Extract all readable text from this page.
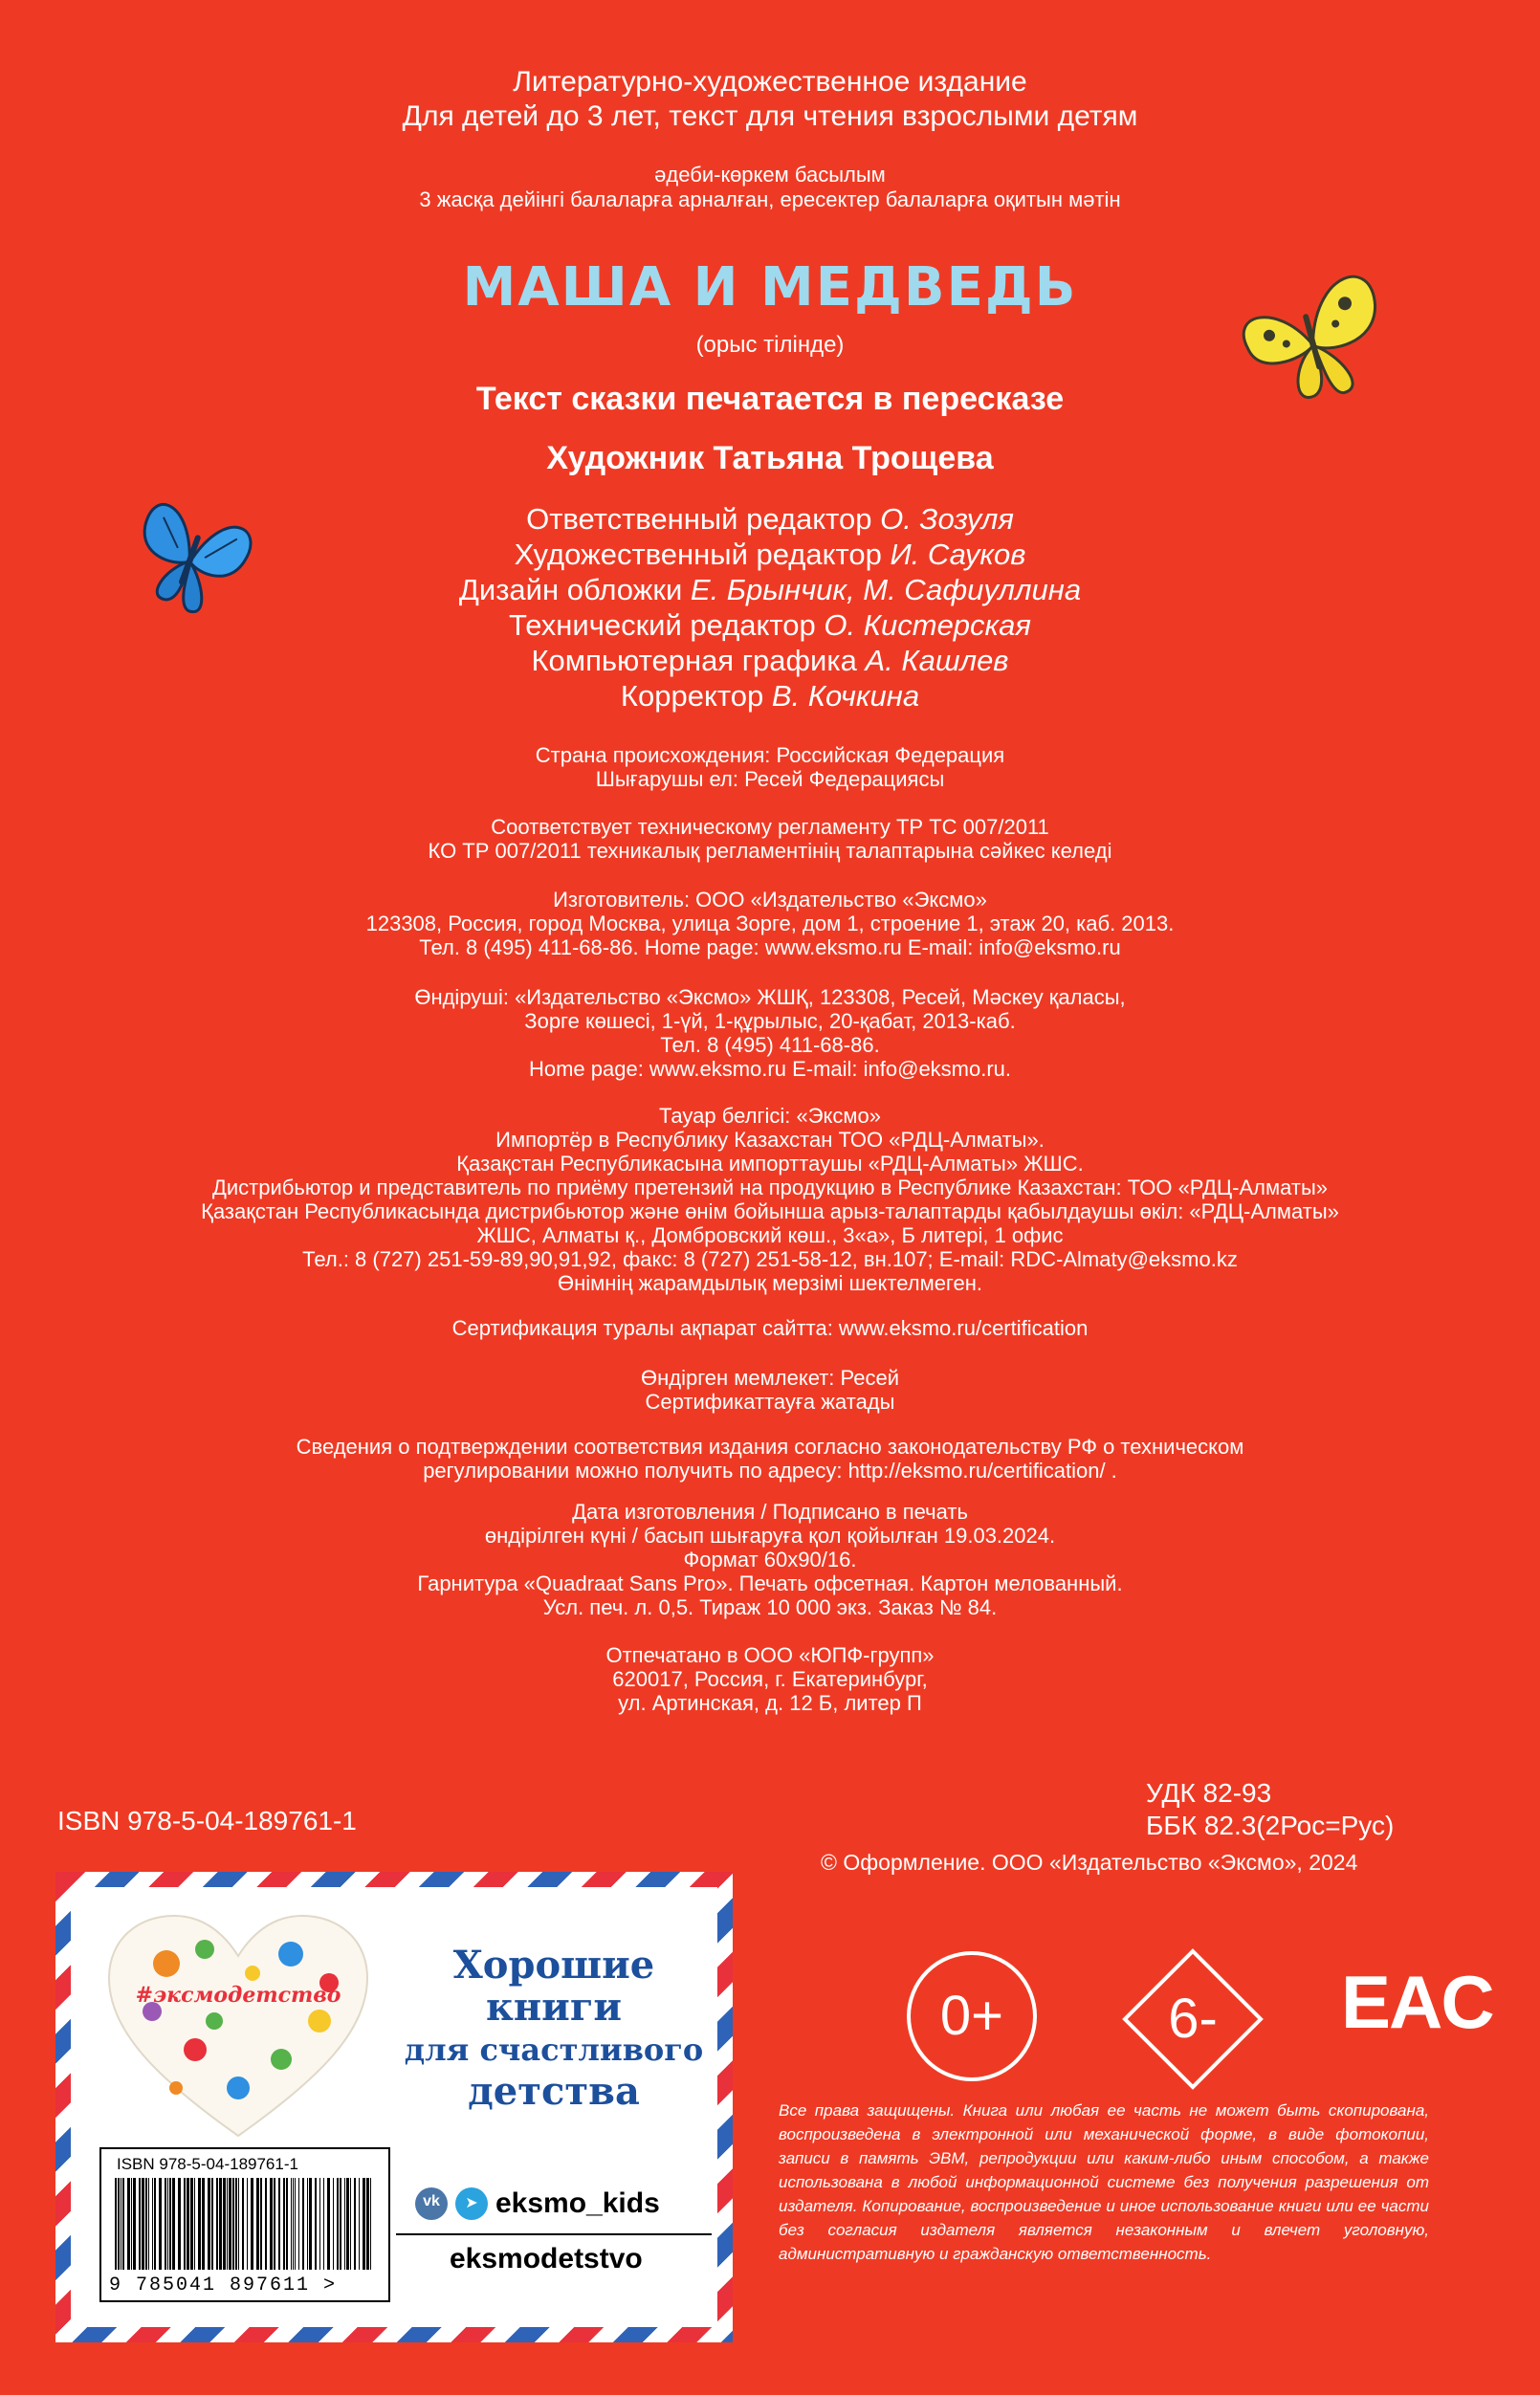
Литературно-художественное издание
Для детей до 3 лет, текст для чтения взрослыми детям
әдеби-көркем басылым
3 жасқа дейінгі балаларға арналған, ересектер балаларға оқитын мәтін
МАША И МЕДВЕДЬ
(орыс тілінде)
Текст сказки печатается в пересказе
Художник Татьяна Трощева
Ответственный редактор О. Зозуля
Художественный редактор И. Сауков
Дизайн обложки Е. Брынчик, М. Сафиуллина
Технический редактор О. Кистерская
Компьютерная графика А. Кашлев
Корректор В. Кочкина
Страна происхождения: Российская Федерация
Шығарушы ел: Ресей Федерациясы
Соответствует техническому регламенту ТР ТС 007/2011
КО ТР 007/2011 техникалық регламентінің талаптарына сәйкес келеді
Изготовитель: ООО «Издательство «Эксмо»
123308, Россия, город Москва, улица Зорге, дом 1, строение 1, этаж 20, каб. 2013.
Тел. 8 (495) 411-68-86. Home page: www.eksmo.ru E-mail: info@eksmo.ru
Өндіруші: «Издательство «Эксмо» ЖШҚ, 123308, Ресей, Мәскеу қаласы,
Зорге көшесі, 1-үй, 1-құрылыс, 20-қабат, 2013-каб.
Тел. 8 (495) 411-68-86.
Home page: www.eksmo.ru E-mail: info@eksmo.ru.
Тауар белгісі: «Эксмо»
Импортёр в Республику Казахстан ТОО «РДЦ-Алматы».
Қазақстан Республикасына импорттаушы «РДЦ-Алматы» ЖШС.
Дистрибьютор и представитель по приёму претензий на продукцию в Республике Казахстан: ТОО «РДЦ-Алматы»
Қазақстан Республикасында дистрибьютор және өнім бойынша арыз-талаптарды қабылдаушы өкіл: «РДЦ-Алматы»
ЖШС, Алматы қ., Домбровский көш., 3«а», Б литері, 1 офис
Тел.: 8 (727) 251-59-89,90,91,92, факс: 8 (727) 251-58-12, вн.107; E-mail: RDC-Almaty@eksmo.kz
Өнімнің жарамдылық мерзімі шектелмеген.
Сертификация туралы ақпарат сайтта: www.eksmo.ru/certification
Өндірген мемлекет: Ресей
Сертификаттауға жатады
Сведения о подтверждении соответствия издания согласно законодательству РФ о техническом
регулировании можно получить по адресу: http://eksmo.ru/certification/ .
Дата изготовления / Подписано в печать
өндірілген күні / басып шығаруға қол қойылған 19.03.2024.
Формат 60х90/16.
Гарнитура «Quadraat Sans Pro». Печать офсетная. Картон мелованный.
Усл. печ. л. 0,5. Тираж 10 000 экз. Заказ № 84.
Отпечатано в ООО «ЮПФ-групп»
620017, Россия, г. Екатеринбург,
ул. Артинская, д. 12 Б, литер П
ISBN 978-5-04-189761-1
УДК 82-93
ББК 82.3(2Рос=Рус)
© Оформление. ООО «Издательство «Эксмо», 2024
0+	6-	EAC
Все права защищены. Книга или любая ее часть не может быть скопирована, воспроизведена в электронной или механической форме, в виде фотокопии, записи в память ЭВМ, репродукции или каким-либо иным способом, а также использована в любой информационной системе без получения разрешения от издателя. Копирование, воспроизведение и иное использование книги или ее части без согласия издателя является незаконным и влечет уголовную, административную и гражданскую ответственность.
#эксмодетство
Хорошие
книги
для счастливого
детства
ISBN 978-5-04-189761-1
9 785041 897611 >
vk	➤ eksmo_kids
eksmodetstvo
